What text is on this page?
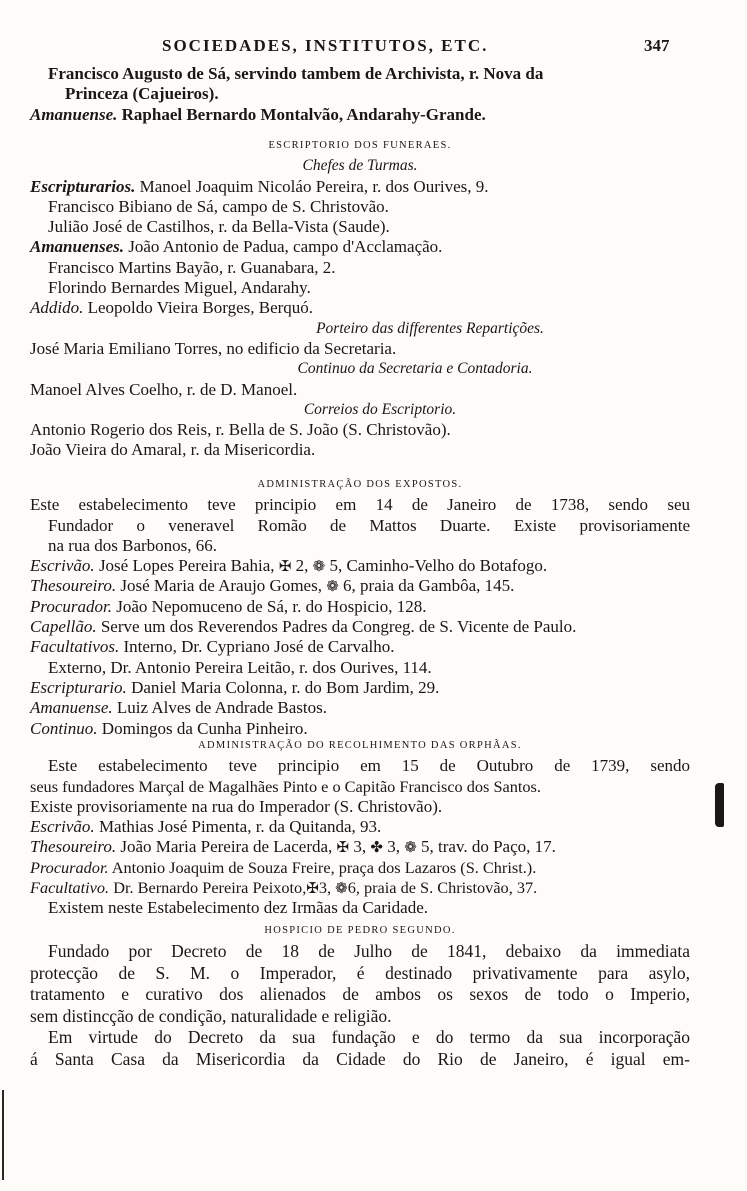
SOCIEDADES, INSTITUTOS, ETC.	347
Francisco Augusto de Sá, servindo tambem de Archivista, r. Nova da
Princeza (Cajueiros).
Amanuense. Raphael Bernardo Montalvão, Andarahy-Grande.
ESCRIPTORIO DOS FUNERAES.
Chefes de Turmas.
Escripturarios. Manoel Joaquim Nicoláo Pereira, r. dos Ourives, 9.
Francisco Bibiano de Sá, campo de S. Christovão.
Julião José de Castilhos, r. da Bella-Vista (Saude).
Amanuenses. João Antonio de Padua, campo d'Acclamação.
Francisco Martins Bayão, r. Guanabara, 2.
Florindo Bernardes Miguel, Andarahy.
Addido. Leopoldo Vieira Borges, Berquó.
Porteiro das differentes Repartições.
José Maria Emiliano Torres, no edificio da Secretaria.
Continuo da Secretaria e Contadoria.
Manoel Alves Coelho, r. de D. Manoel.
Correios do Escriptorio.
Antonio Rogerio dos Reis, r. Bella de S. João (S. Christovão).
João Vieira do Amaral, r. da Misericordia.
ADMINISTRAÇÃO DOS EXPOSTOS.
Este estabelecimento teve principio em 14 de Janeiro de 1738, sendo seu
Fundador o veneravel Romão de Mattos Duarte. Existe provisoriamente
na rua dos Barbonos, 66.
Escrivão. José Lopes Pereira Bahia, ✠ 2, ❁ 5, Caminho-Velho do Botafogo.
Thesoureiro. José Maria de Araujo Gomes, ❁ 6, praia da Gambôa, 145.
Procurador. João Nepomuceno de Sá, r. do Hospicio, 128.
Capellão. Serve um dos Reverendos Padres da Congreg. de S. Vicente de Paulo.
Facultativos. Interno, Dr. Cypriano José de Carvalho.
Externo, Dr. Antonio Pereira Leitão, r. dos Ourives, 114.
Escripturario. Daniel Maria Colonna, r. do Bom Jardim, 29.
Amanuense. Luiz Alves de Andrade Bastos.
Continuo. Domingos da Cunha Pinheiro.
ADMINISTRAÇÃO DO RECOLHIMENTO DAS ORPHÃAS.
Este estabelecimento teve principio em 15 de Outubro de 1739, sendo
seus fundadores Marçal de Magalhães Pinto e o Capitão Francisco dos Santos.
Existe provisoriamente na rua do Imperador (S. Christovão).
Escrivão. Mathias José Pimenta, r. da Quitanda, 93.
Thesoureiro. João Maria Pereira de Lacerda, ✠ 3, ✤ 3, ❁ 5, trav. do Paço, 17.
Procurador. Antonio Joaquim de Souza Freire, praça dos Lazaros (S. Christ.).
Facultativo. Dr. Bernardo Pereira Peixoto,✠3, ❁6, praia de S. Christovão, 37.
Existem neste Estabelecimento dez Irmãas da Caridade.
HOSPICIO DE PEDRO SEGUNDO.
Fundado por Decreto de 18 de Julho de 1841, debaixo da immediata
protecção de S. M. o Imperador, é destinado privativamente para asylo,
tratamento e curativo dos alienados de ambos os sexos de todo o Imperio,
sem distincção de condição, naturalidade e religião.
Em virtude do Decreto da sua fundação e do termo da sua incorporação
á Santa Casa da Misericordia da Cidade do Rio de Janeiro, é igual em-
